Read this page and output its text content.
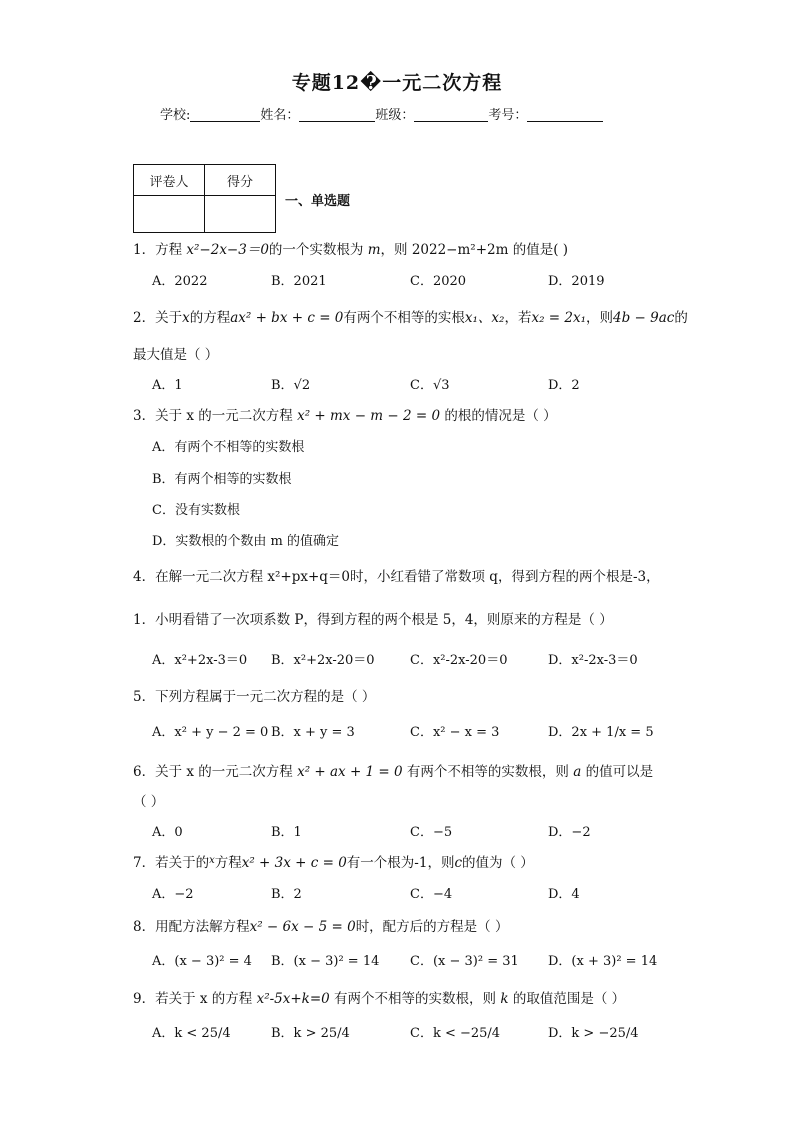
专题12�一元二次方程
学校:	姓名：	班级：	考号：
评卷人	得分

一、单选题
1．方程 x²−2x−3＝0的一个实数根为 m，则 2022−m²+2m 的值是( )
A．2022	B．2021	C．2020	D．2019
2．关于x的方程ax² + bx + c = 0有两个不相等的实根x₁、x₂，若x₂ = 2x₁，则4b − 9ac的
最大值是（ ）
A．1	B．√2	C．√3	D．2
3．关于 x 的一元二次方程 x² + mx − m − 2 = 0 的根的情况是（ ）
A．有两个不相等的实数根
B．有两个相等的实数根
C．没有实数根
D．实数根的个数由 m 的值确定
4．在解一元二次方程 x²+px+q＝0时，小红看错了常数项 q，得到方程的两个根是-3，
1．小明看错了一次项系数 P，得到方程的两个根是 5，4，则原来的方程是（ ）
A．x²+2x-3＝0 B．x²+2x-20＝0	C．x²-2x-20＝0	D．x²-2x-3＝0
5．下列方程属于一元二次方程的是（ ）
A．x² + y − 2 = 0 B．x + y = 3	C．x² − x = 3	D．2x + 1/x = 5
6．关于 x 的一元二次方程 x² + ax + 1 = 0 有两个不相等的实数根，则 a 的值可以是
（ ）
A．0	B．1	C．−5	D．−2
7．若关于的$^x$方程x² + 3x + c = 0有一个根为-1，则c的值为（ ）
A．−2	B．2	C．−4	D．4
8．用配方法解方程x² − 6x − 5 = 0时，配方后的方程是（ ）
A．(x − 3)² = 4 B．(x − 3)² = 14 C．(x − 3)² = 31 D．(x + 3)² = 14
9．若关于 x 的方程 x²-5x+k=0 有两个不相等的实数根，则 k 的取值范围是（ ）
A．k < 25/4	B．k > 25/4	C．k < −25/4	D．k > −25/4
